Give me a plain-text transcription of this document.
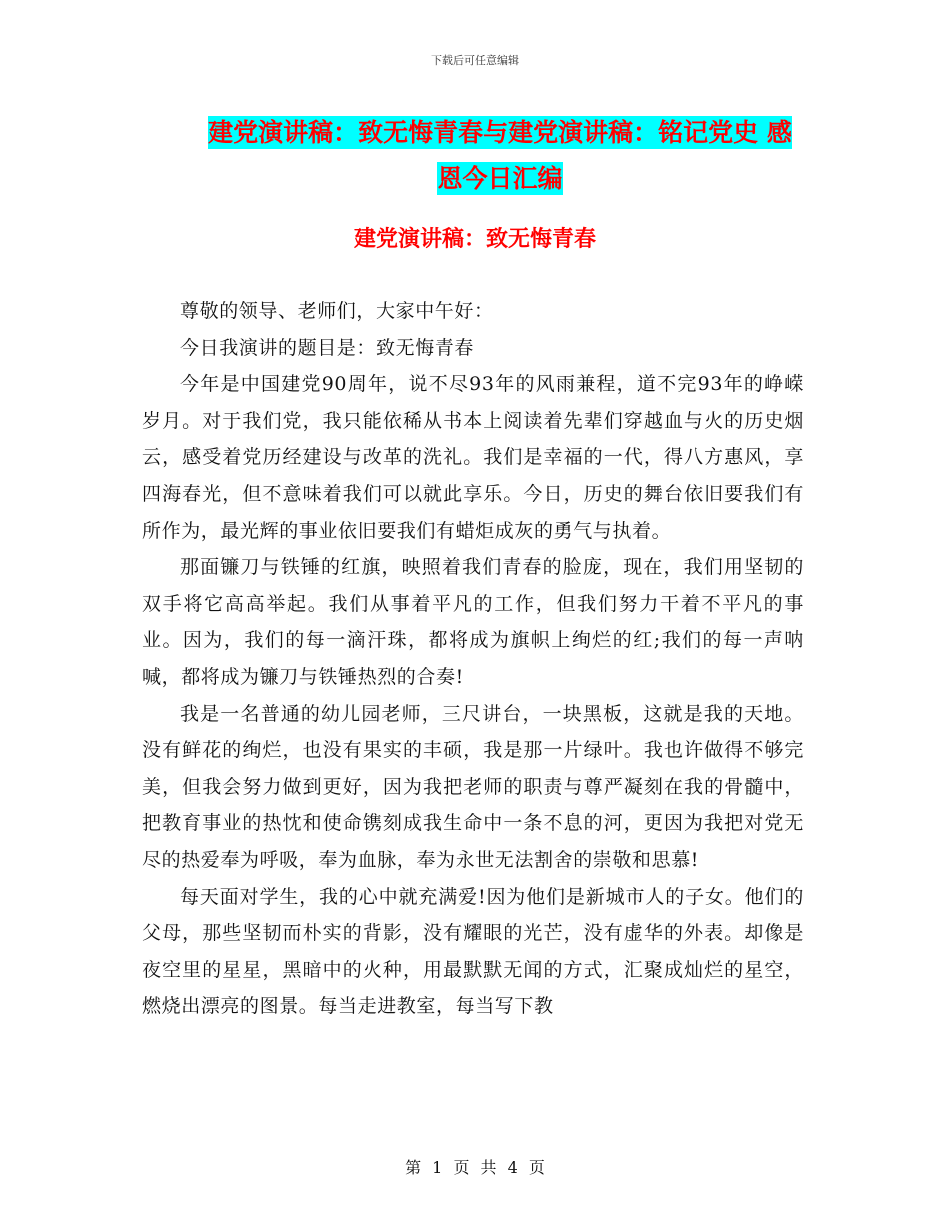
下载后可任意编辑
建党演讲稿：致无悔青春与建党演讲稿：铭记党史 感
恩今日汇编
建党演讲稿：致无悔青春

尊敬的领导、老师们，大家中午好：

今日我演讲的题目是：致无悔青春

今年是中国建党90周年，说不尽93年的风雨兼程，道不完93年的峥嵘岁月。对于我们党，我只能依稀从书本上阅读着先辈们穿越血与火的历史烟云，感受着党历经建设与改革的洗礼。我们是幸福的一代，得八方惠风，享四海春光，但不意味着我们可以就此享乐。今日，历史的舞台依旧要我们有所作为，最光辉的事业依旧要我们有蜡炬成灰的勇气与执着。

那面镰刀与铁锤的红旗，映照着我们青春的脸庞，现在，我们用坚韧的双手将它高高举起。我们从事着平凡的工作，但我们努力干着不平凡的事业。因为，我们的每一滴汗珠，都将成为旗帜上绚烂的红;我们的每一声呐喊，都将成为镰刀与铁锤热烈的合奏!

我是一名普通的幼儿园老师，三尺讲台，一块黑板，这就是我的天地。没有鲜花的绚烂，也没有果实的丰硕，我是那一片绿叶。我也许做得不够完美，但我会努力做到更好，因为我把老师的职责与尊严凝刻在我的骨髓中，把教育事业的热忱和使命镌刻成我生命中一条不息的河，更因为我把对党无尽的热爱奉为呼吸，奉为血脉，奉为永世无法割舍的崇敬和思慕!

每天面对学生，我的心中就充满爱!因为他们是新城市人的子女。他们的父母，那些坚韧而朴实的背影，没有耀眼的光芒，没有虚华的外表。却像是夜空里的星星，黑暗中的火种，用最默默无闻的方式，汇聚成灿烂的星空，燃烧出漂亮的图景。每当走进教室，每当写下教

第 1 页 共 4 页
